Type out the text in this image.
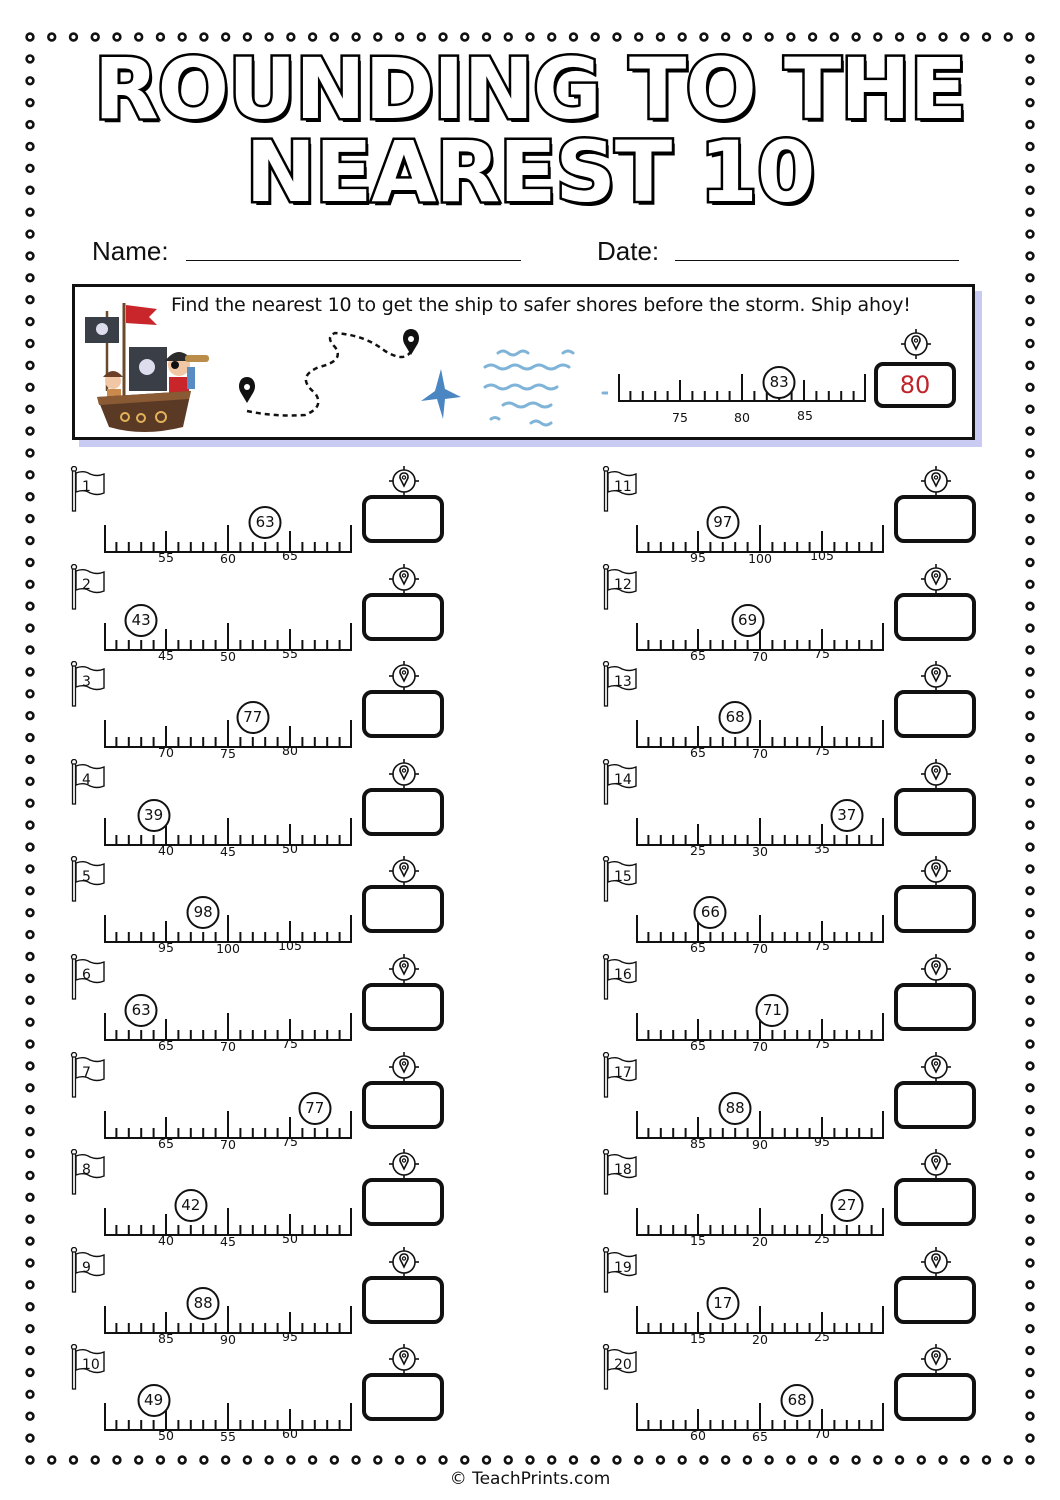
ROUNDING TO THE
NEAREST 10
Name:	Date:
Find the nearest 10 to get the ship to safer shores before the storm. Ship ahoy!
83
75	80	85
80
1
63
55	60	65
2
43
45	50	55
3
77
70	75	80
4
39
40	45	50
5
98
95	100	105
6
63
65	70	75
7
77
65	70	75
8
42
40	45	50
9
88
85	90	95
10
49
50	55	60
11
97
95	100	105
12
69
65	70	75
13
68
65	70	75
14
37
25	30	35
15
66
65	70	75
16
71
65	70	75
17
88
85	90	95
18
27
15	20	25
19
17
15	20	25
20
68
60	65	70
© TeachPrints.com
